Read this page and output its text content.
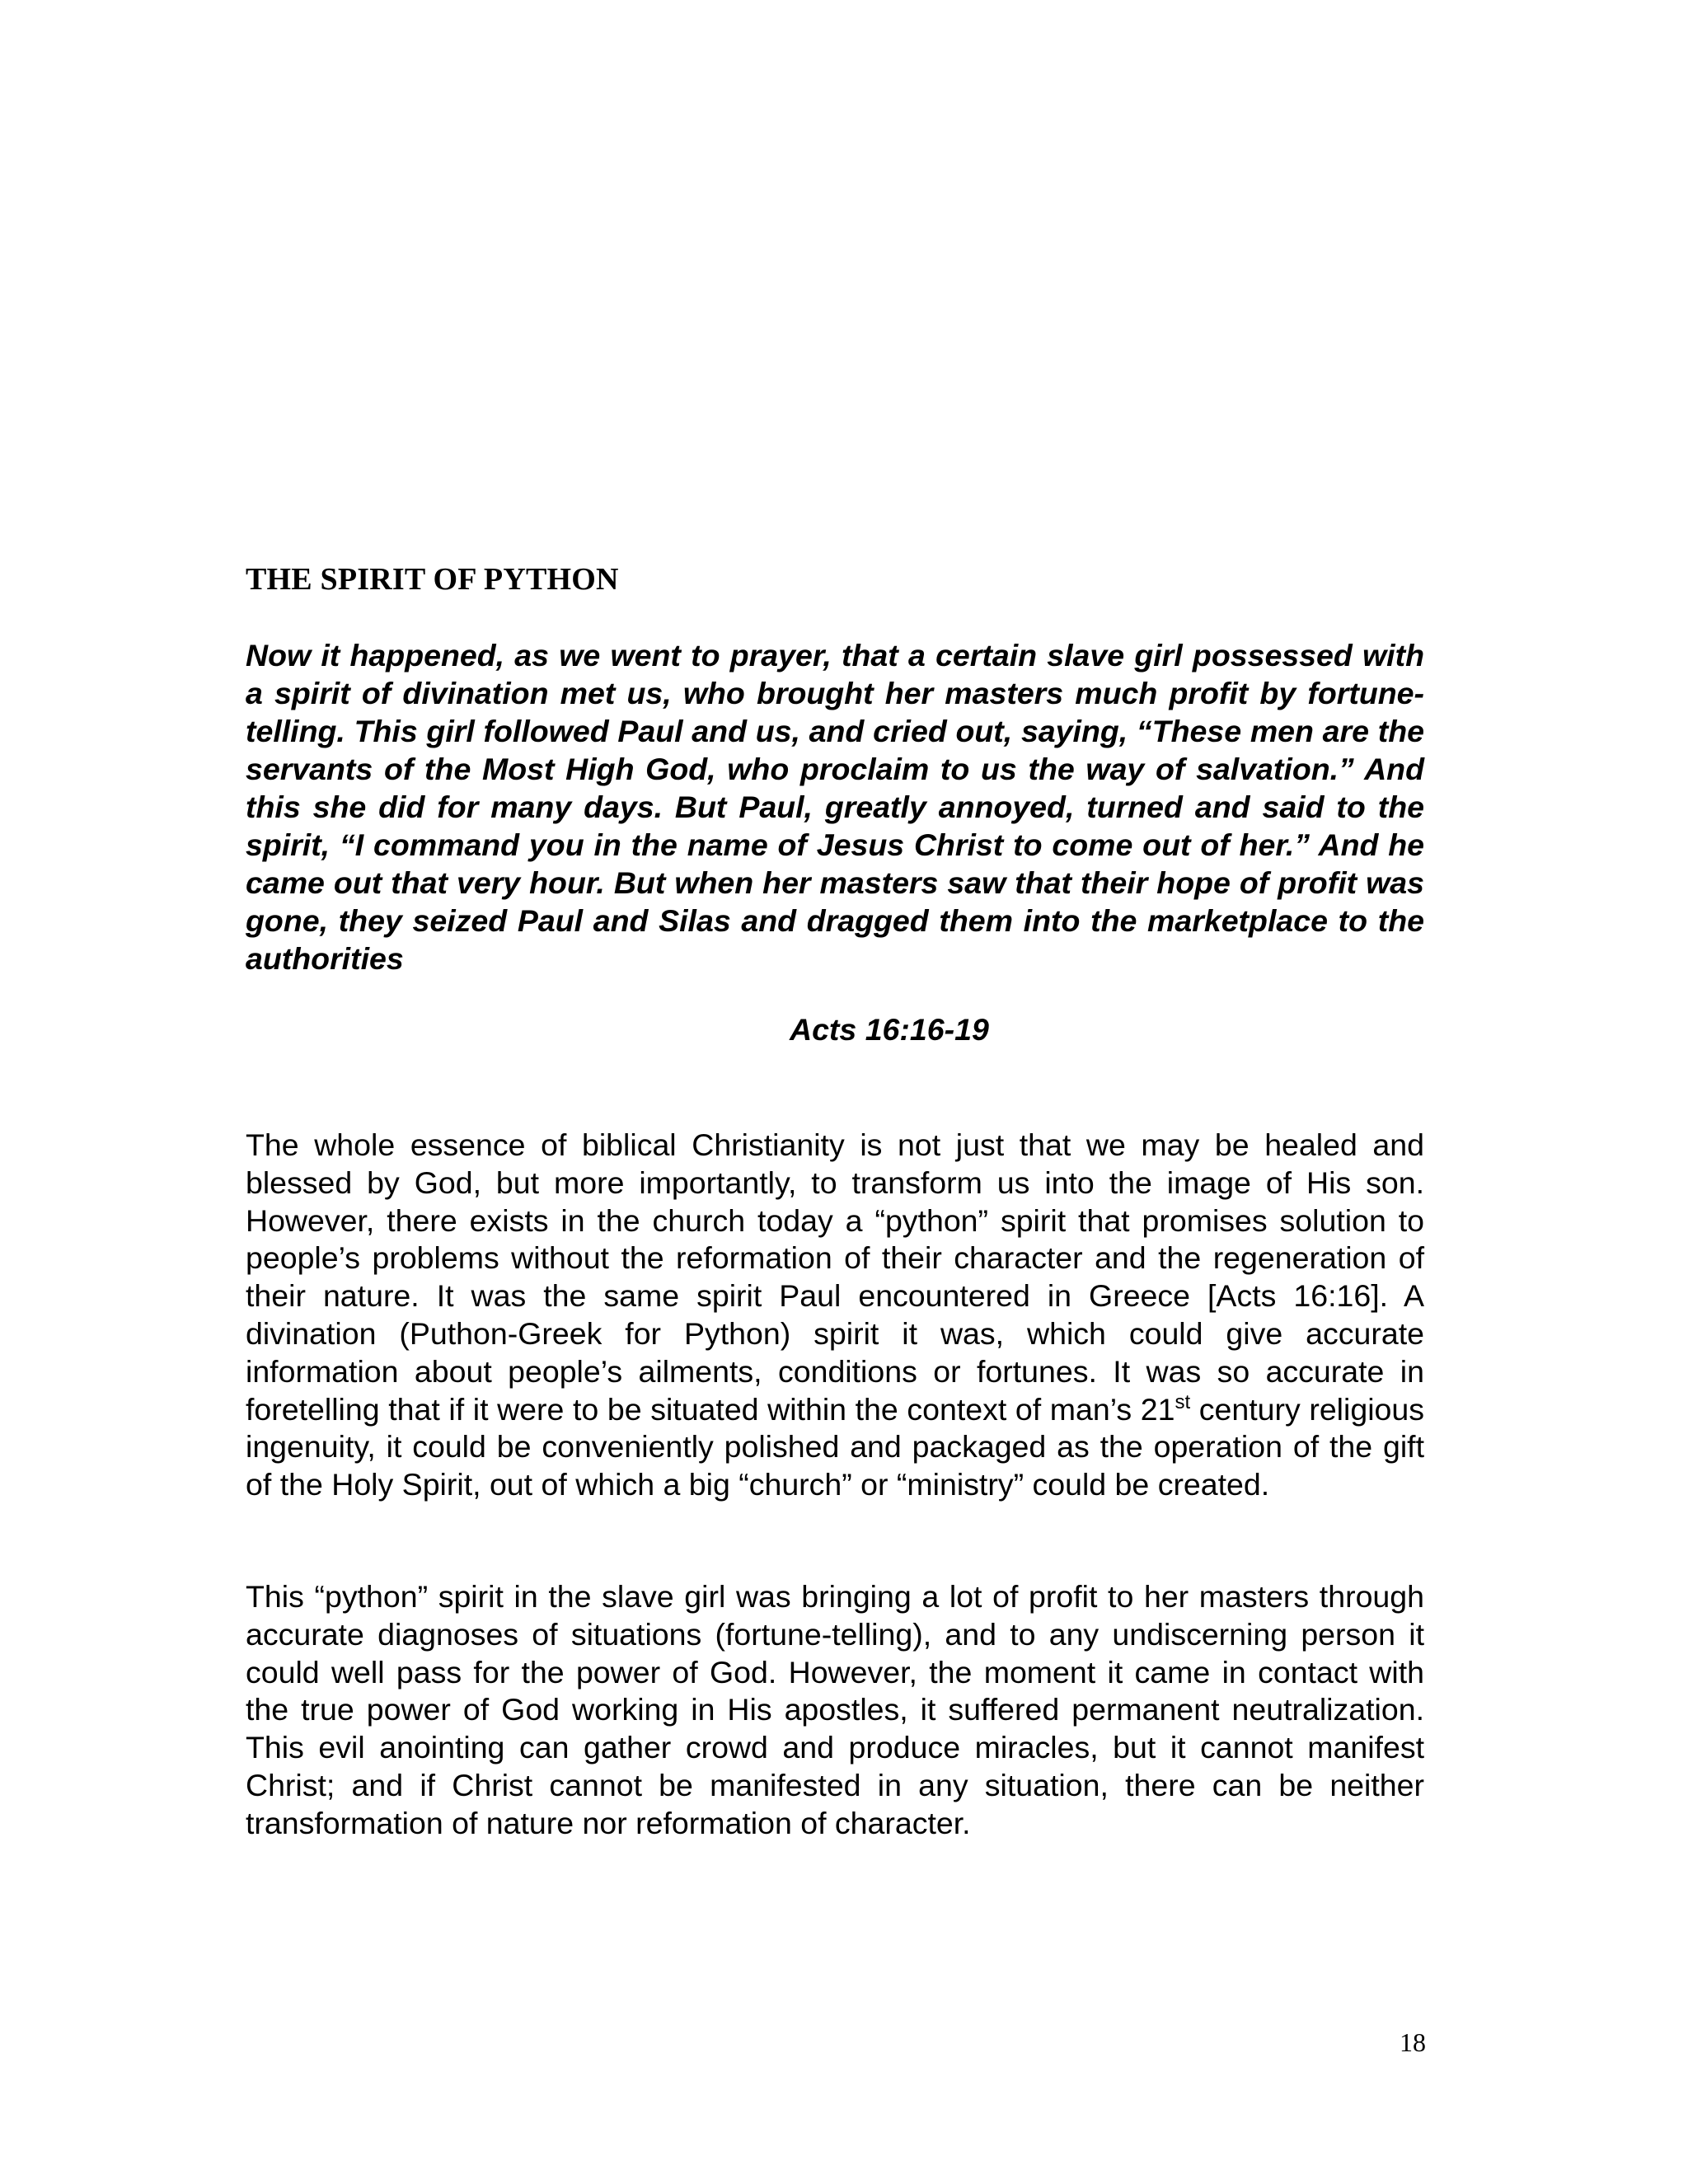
THE SPIRIT OF PYTHON

Now it happened, as we went to prayer, that a certain slave girl possessed with a spirit of divination met us, who brought her masters much profit by fortune-telling. This girl followed Paul and us, and cried out, saying, “These men are the servants of the Most High God, who proclaim to us the way of salvation.” And this she did for many days. But Paul, greatly annoyed, turned and said to the spirit, “I command you in the name of Jesus Christ to come out of her.” And he came out that very hour. But when her masters saw that their hope of profit was gone, they seized Paul and Silas and dragged them into the marketplace to the authorities

Acts 16:16-19

The whole essence of biblical Christianity is not just that we may be healed and blessed by God, but more importantly, to transform us into the image of His son. However, there exists in the church today a “python” spirit that promises solution to people’s problems without the reformation of their character and the regeneration of their nature. It was the same spirit Paul encountered in Greece [Acts 16:16]. A divination (Puthon-Greek for Python) spirit it was, which could give accurate information about people’s ailments, conditions or fortunes. It was so accurate in foretelling that if it were to be situated within the context of man’s 21st century religious ingenuity, it could be conveniently polished and packaged as the operation of the gift of the Holy Spirit, out of which a big “church” or “ministry” could be created.

This “python” spirit in the slave girl was bringing a lot of profit to her masters through accurate diagnoses of situations (fortune-telling), and to any undiscerning person it could well pass for the power of God. However, the moment it came in contact with the true power of God working in His apostles, it suffered permanent neutralization. This evil anointing can gather crowd and produce miracles, but it cannot manifest Christ; and if Christ cannot be manifested in any situation, there can be neither transformation of nature nor reformation of character.

18
